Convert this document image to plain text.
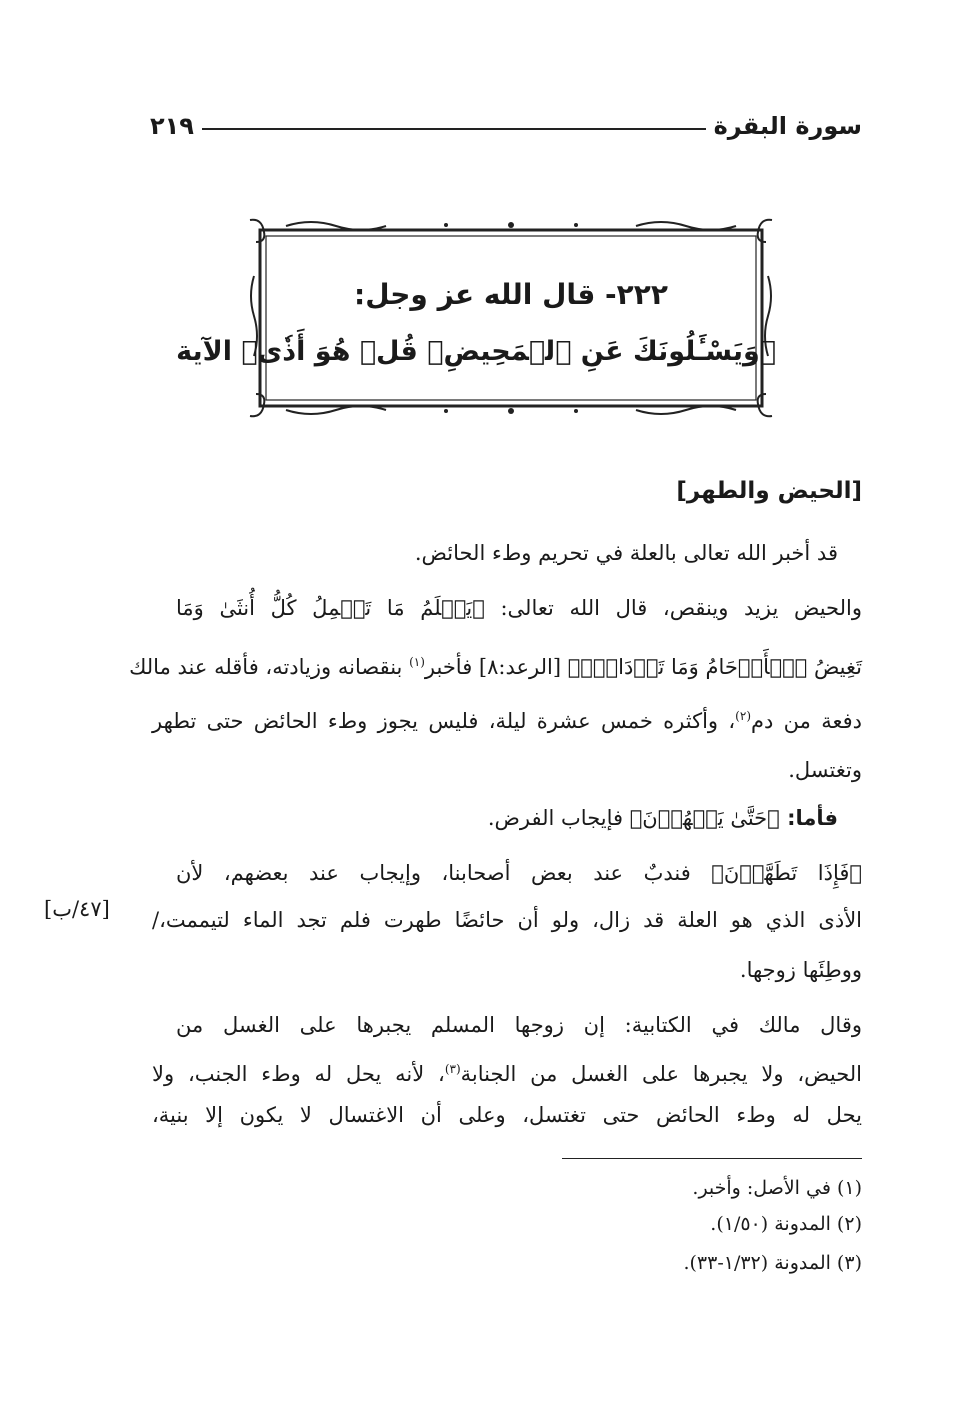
سورة البقرة
٢١٩
٢٢٢- قال الله عز وجل:
﴿وَيَسْـَٔلُونَكَ عَنِ ٱلۡمَحِيضِۖ قُلۡ هُوَ أَذٗى﴾ الآية
[الحيض والطهر]
قد أخبر الله تعالى بالعلة في تحريم وطء الحائض.
والحيض يزيد وينقص، قال الله تعالى: ﴿يَعۡلَمُ مَا تَحۡمِلُ كُلُّ أُنثَىٰ وَمَا
تَغِيضُ ٱلۡأَرۡحَامُ وَمَا تَزۡدَادُۖ﴾ [الرعد:٨] فأخبر$^{(١)}$ بنقصانه وزيادته، فأقله عند مالك
دفعة من دم$^{(٢)}$، وأكثره خمس عشرة ليلة، فليس يجوز وطء الحائض حتى تطهر
وتغتسل.
فأما: ﴿حَتَّىٰ يَطۡهُرۡنَ﴾ فإيجاب الفرض.
﴿فَإِذَا تَطَهَّرۡنَ﴾ فندبٌ عند بعض أصحابنا، وإيجاب عند بعضهم، لأن
الأذى الذي هو العلة قد زال، ولو أن حائضًا طهرت فلم تجد الماء لتيممت،/
ووطِئَها زوجها.
[٤٧/ب]
وقال مالك في الكتابية: إن زوجها المسلم يجبرها على الغسل من
الحيض، ولا يجبرها على الغسل من الجنابة$^{(٣)}$، لأنه يحل له وطء الجنب، ولا
يحل له وطء الحائض حتى تغتسل، وعلى أن الاغتسال لا يكون إلا بنية،
(١) في الأصل: وأخبر.
(٢) المدونة (١/٥٠).
(٣) المدونة (١/٣٢-٣٣).
